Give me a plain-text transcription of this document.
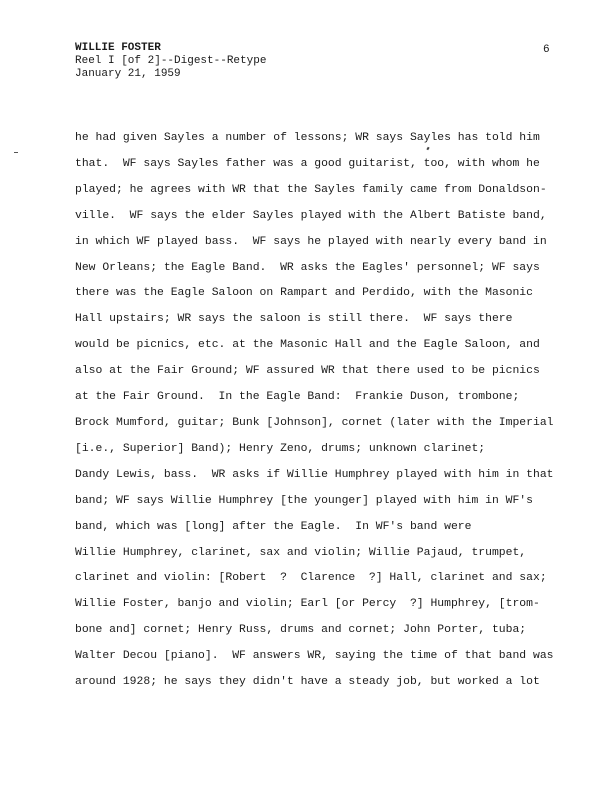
WILLIE FOSTER
Reel I [of 2]--Digest--Retype
January 21, 1959
6
he had given Sayles a number of lessons; WR says Sayles has told him
that.  WF says Sayles father was a good guitarist, too, with whom he
played; he agrees with WR that the Sayles family came from Donaldson-
ville.  WF says the elder Sayles played with the Albert Batiste band,
in which WF played bass.  WF says he played with nearly every band in
New Orleans; the Eagle Band.  WR asks the Eagles' personnel; WF says
there was the Eagle Saloon on Rampart and Perdido, with the Masonic
Hall upstairs; WR says the saloon is still there.  WF says there
would be picnics, etc. at the Masonic Hall and the Eagle Saloon, and
also at the Fair Ground; WF assured WR that there used to be picnics
at the Fair Ground.  In the Eagle Band:  Frankie Duson, trombone;
Brock Mumford, guitar; Bunk [Johnson], cornet (later with the Imperial
[i.e., Superior] Band); Henry Zeno, drums; unknown clarinet;
Dandy Lewis, bass.  WR asks if Willie Humphrey played with him in that
band; WF says Willie Humphrey [the younger] played with him in WF's
band, which was [long] after the Eagle.  In WF's band were
Willie Humphrey, clarinet, sax and violin; Willie Pajaud, trumpet,
clarinet and violin: [Robert  ?  Clarence  ?] Hall, clarinet and sax;
Willie Foster, banjo and violin; Earl [or Percy  ?] Humphrey, [trom-
bone and] cornet; Henry Russ, drums and cornet; John Porter, tuba;
Walter Decou [piano].  WF answers WR, saying the time of that band was
around 1928; he says they didn't have a steady job, but worked a lot
